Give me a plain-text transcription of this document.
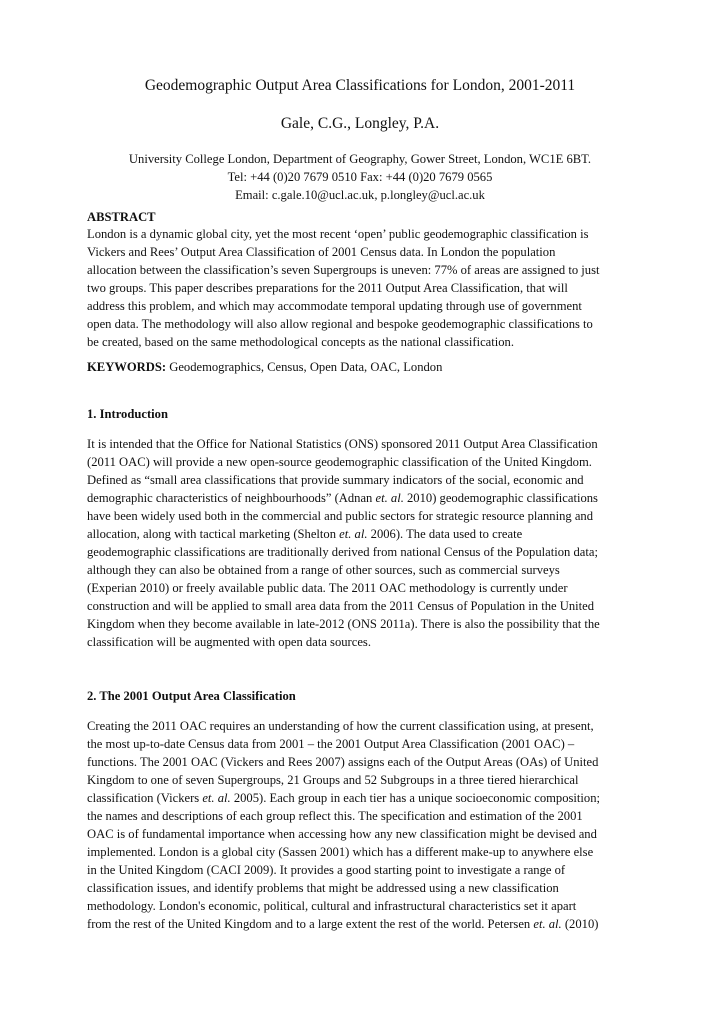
Geodemographic Output Area Classifications for London, 2001-2011
Gale, C.G., Longley, P.A.
University College London, Department of Geography, Gower Street, London, WC1E 6BT.
Tel: +44 (0)20 7679 0510 Fax: +44 (0)20 7679 0565
Email: c.gale.10@ucl.ac.uk, p.longley@ucl.ac.uk
ABSTRACT
London is a dynamic global city, yet the most recent ‘open’ public geodemographic classification is
Vickers and Rees’ Output Area Classification of 2001 Census data. In London the population
allocation between the classification’s seven Supergroups is uneven: 77% of areas are assigned to just
two groups. This paper describes preparations for the 2011 Output Area Classification, that will
address this problem, and which may accommodate temporal updating through use of government
open data. The methodology will also allow regional and bespoke geodemographic classifications to
be created, based on the same methodological concepts as the national classification.
KEYWORDS: Geodemographics, Census, Open Data, OAC, London
1. Introduction
It is intended that the Office for National Statistics (ONS) sponsored 2011 Output Area Classification
(2011 OAC) will provide a new open-source geodemographic classification of the United Kingdom.
Defined as “small area classifications that provide summary indicators of the social, economic and
demographic characteristics of neighbourhoods” (Adnan et. al. 2010) geodemographic classifications
have been widely used both in the commercial and public sectors for strategic resource planning and
allocation, along with tactical marketing (Shelton et. al. 2006). The data used to create
geodemographic classifications are traditionally derived from national Census of the Population data;
although they can also be obtained from a range of other sources, such as commercial surveys
(Experian 2010) or freely available public data. The 2011 OAC methodology is currently under
construction and will be applied to small area data from the 2011 Census of Population in the United
Kingdom when they become available in late-2012 (ONS 2011a). There is also the possibility that the
classification will be augmented with open data sources.
2. The 2001 Output Area Classification
Creating the 2011 OAC requires an understanding of how the current classification using, at present,
the most up-to-date Census data from 2001 – the 2001 Output Area Classification (2001 OAC) –
functions. The 2001 OAC (Vickers and Rees 2007) assigns each of the Output Areas (OAs) of United
Kingdom to one of seven Supergroups, 21 Groups and 52 Subgroups in a three tiered hierarchical
classification (Vickers et. al. 2005). Each group in each tier has a unique socioeconomic composition;
the names and descriptions of each group reflect this. The specification and estimation of the 2001
OAC is of fundamental importance when accessing how any new classification might be devised and
implemented. London is a global city (Sassen 2001) which has a different make-up to anywhere else
in the United Kingdom (CACI 2009). It provides a good starting point to investigate a range of
classification issues, and identify problems that might be addressed using a new classification
methodology. London's economic, political, cultural and infrastructural characteristics set it apart
from the rest of the United Kingdom and to a large extent the rest of the world. Petersen et. al. (2010)
